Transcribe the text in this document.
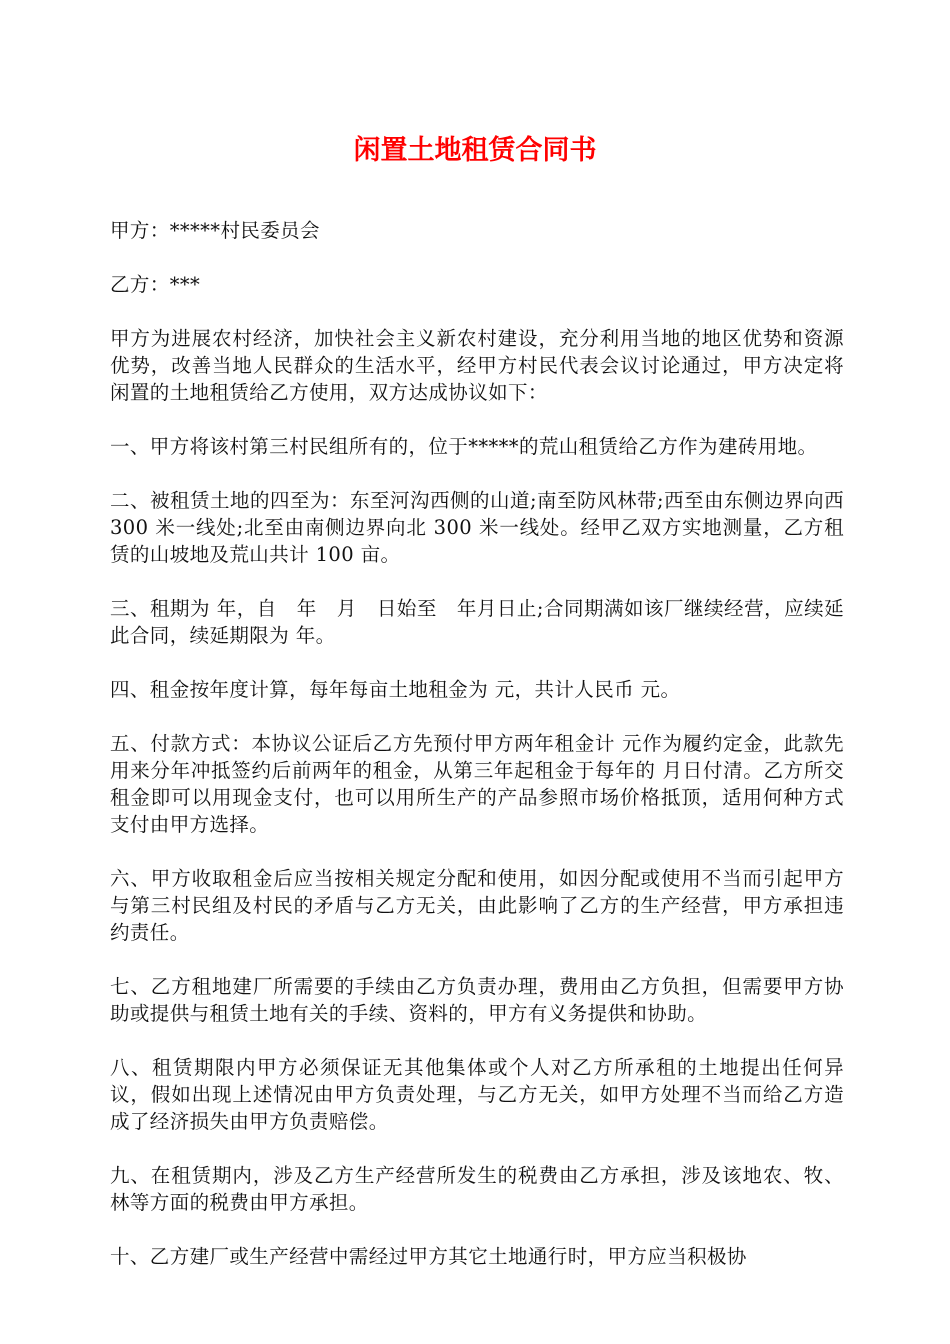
闲置土地租赁合同书

甲方：*****村民委员会

乙方：***

甲方为进展农村经济，加快社会主义新农村建设，充分利用当地的地区优势和资源优势，改善当地人民群众的生活水平，经甲方村民代表会议讨论通过，甲方决定将闲置的土地租赁给乙方使用，双方达成协议如下：

一、甲方将该村第三村民组所有的，位于*****的荒山租赁给乙方作为建砖用地。

二、被租赁土地的四至为：东至河沟西侧的山道;南至防风林带;西至由东侧边界向西 300 米一线处;北至由南侧边界向北 300 米一线处。经甲乙双方实地测量，乙方租赁的山坡地及荒山共计 100 亩。

三、租期为 年，自　年　月　日始至　年月日止;合同期满如该厂继续经营，应续延此合同，续延期限为 年。

四、租金按年度计算，每年每亩土地租金为 元，共计人民币 元。

五、付款方式：本协议公证后乙方先预付甲方两年租金计 元作为履约定金，此款先用来分年冲抵签约后前两年的租金，从第三年起租金于每年的 月日付清。乙方所交租金即可以用现金支付，也可以用所生产的产品参照市场价格抵顶，适用何种方式支付由甲方选择。

六、甲方收取租金后应当按相关规定分配和使用，如因分配或使用不当而引起甲方与第三村民组及村民的矛盾与乙方无关，由此影响了乙方的生产经营，甲方承担违约责任。

七、乙方租地建厂所需要的手续由乙方负责办理，费用由乙方负担，但需要甲方协助或提供与租赁土地有关的手续、资料的，甲方有义务提供和协助。

八、租赁期限内甲方必须保证无其他集体或个人对乙方所承租的土地提出任何异议，假如出现上述情况由甲方负责处理，与乙方无关，如甲方处理不当而给乙方造成了经济损失由甲方负责赔偿。

九、在租赁期内，涉及乙方生产经营所发生的税费由乙方承担，涉及该地农、牧、林等方面的税费由甲方承担。

十、乙方建厂或生产经营中需经过甲方其它土地通行时，甲方应当积极协
